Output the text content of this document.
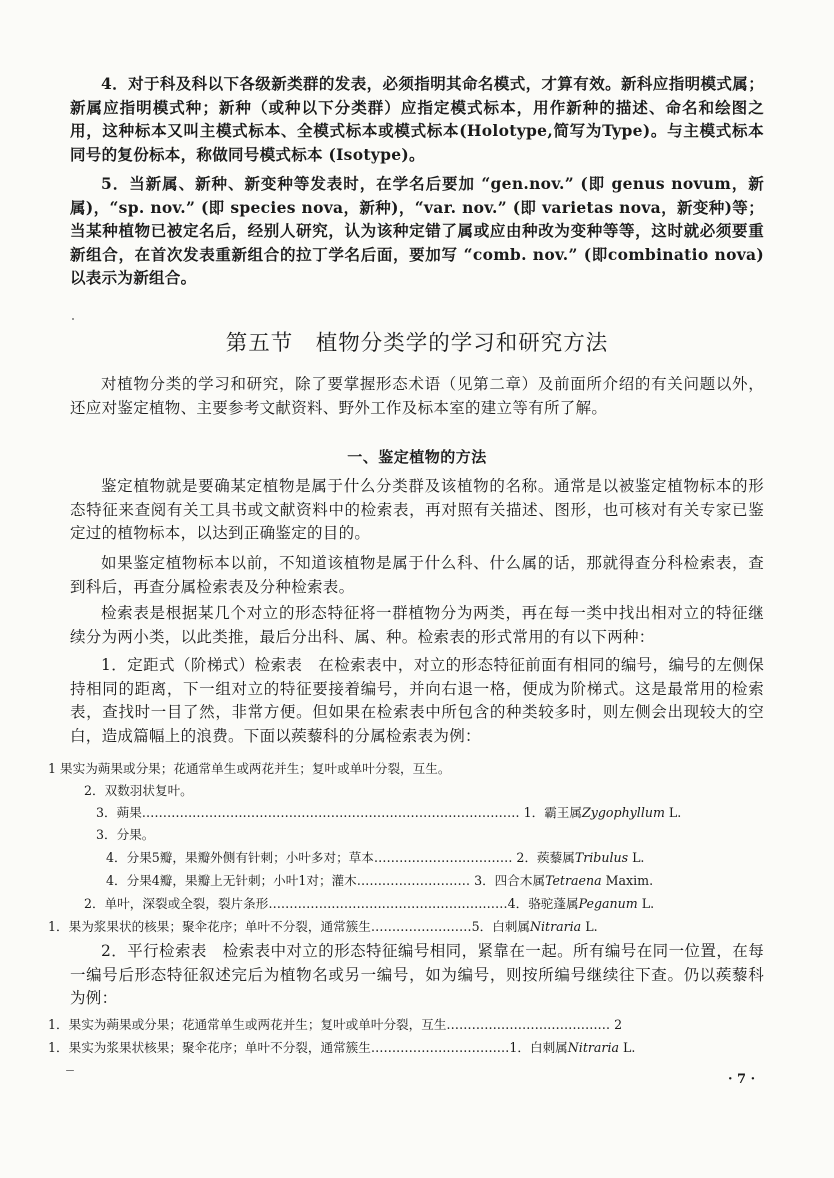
4．对于科及科以下各级新类群的发表，必须指明其命名模式，才算有效。新科应指明模式属；新属应指明模式种；新种（或种以下分类群）应指定模式标本，用作新种的描述、命名和绘图之用，这种标本又叫主模式标本、全模式标本或模式标本(Holotype,简写为Type)。与主模式标本同号的复份标本，称做同号模式标本 (Isotype)。
5．当新属、新种、新变种等发表时，在学名后要加 “gen.nov.” (即 genus novum，新属)，“sp. nov.” (即 species nova，新种)，“var. nov.” (即 varietas nova，新变种)等；当某种植物已被定名后，经别人研究，认为该种定错了属或应由种改为变种等等，这时就必须要重新组合，在首次发表重新组合的拉丁学名后面，要加写 “comb. nov.” (即combinatio nova) 以表示为新组合。
第五节　植物分类学的学习和研究方法
对植物分类的学习和研究，除了要掌握形态术语（见第二章）及前面所介绍的有关问题以外，还应对鉴定植物、主要参考文献资料、野外工作及标本室的建立等有所了解。
一、鉴定植物的方法
鉴定植物就是要确某定植物是属于什么分类群及该植物的名称。通常是以被鉴定植物标本的形态特征来查阅有关工具书或文献资料中的检索表，再对照有关描述、图形，也可核对有关专家已鉴定过的植物标本，以达到正确鉴定的目的。
如果鉴定植物标本以前，不知道该植物是属于什么科、什么属的话，那就得查分科检索表，查到科后，再查分属检索表及分种检索表。
检索表是根据某几个对立的形态特征将一群植物分为两类，再在每一类中找出相对立的特征继续分为两小类，以此类推，最后分出科、属、种。检索表的形式常用的有以下两种：
1．定距式（阶梯式）检索表　在检索表中，对立的形态特征前面有相同的编号，编号的左侧保持相同的距离，下一组对立的特征要接着编号，并向右退一格，便成为阶梯式。这是最常用的检索表，查找时一目了然，非常方便。但如果在检索表中所包含的种类较多时，则左侧会出现较大的空白，造成篇幅上的浪费。下面以蒺藜科的分属检索表为例：
1 果实为蒴果或分果；花通常单生或两花并生；复叶或单叶分裂，互生。
2．双数羽状复叶。
3．蒴果……………………………………………………………………………… 1．霸王属Zygophyllum L.
3．分果。
4．分果5瓣，果瓣外侧有针刺；小叶多对；草本…………………………… 2．蒺藜属Tribulus L.
4．分果4瓣，果瓣上无针刺；小叶1对；灌木……………………… 3．四合木属Tetraena Maxim.
2．单叶，深裂或全裂，裂片条形…………………………………………………4．骆驼蓬属Peganum L.
1．果为浆果状的核果；聚伞花序；单叶不分裂，通常簇生……………………5．白刺属Nitraria L.
2．平行检索表　检索表中对立的形态特征编号相同，紧靠在一起。所有编号在同一位置，在每一编号后形态特征叙述完后为植物名或另一编号，如为编号，则按所编号继续往下查。仍以蒺藜科为例：
1．果实为蒴果或分果；花通常单生或两花并生；复叶或单叶分裂，互生………………………………… 2
1．果实为浆果状核果；聚伞花序；单叶不分裂，通常簇生……………………………1．白刺属Nitraria L.
· 7 ·
